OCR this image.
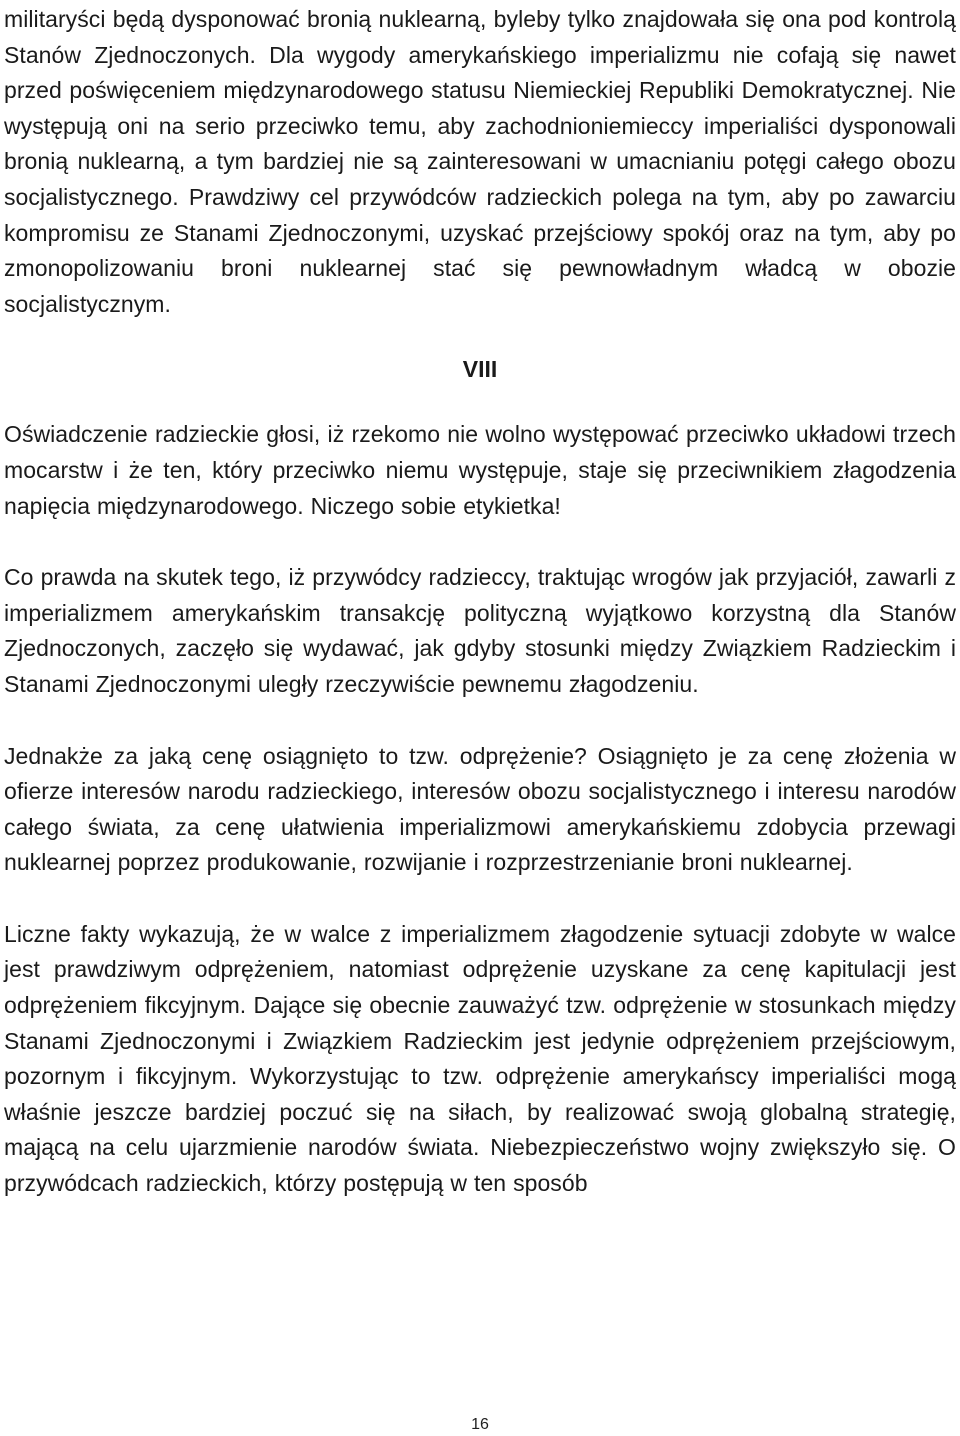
militaryści będą dysponować bronią nuklearną, byleby tylko znajdowała się ona pod kontrolą Stanów Zjednoczonych. Dla wygody amerykańskiego imperializmu nie cofają się nawet przed poświęceniem międzynarodowego statusu Niemieckiej Republiki Demokratycznej. Nie występują oni na serio przeciwko temu, aby zachodnioniemieccy imperialiści dysponowali bronią nuklearną, a tym bardziej nie są zainteresowani w umacnianiu potęgi całego obozu socjalistycznego. Prawdziwy cel przywódców radzieckich polega na tym, aby po zawarciu kompromisu ze Stanami Zjednoczonymi, uzyskać przejściowy spokój oraz na tym, aby po zmonopolizowaniu broni nuklearnej stać się pewnowładnym władcą w obozie socjalistycznym.

VIII

Oświadczenie radzieckie głosi, iż rzekomo nie wolno występować przeciwko układowi trzech mocarstw i że ten, który przeciwko niemu występuje, staje się przeciwnikiem złagodzenia napięcia międzynarodowego. Niczego sobie etykietka!

Co prawda na skutek tego, iż przywódcy radzieccy, traktując wrogów jak przyjaciół, zawarli z imperializmem amerykańskim transakcję polityczną wyjątkowo korzystną dla Stanów Zjednoczonych, zaczęło się wydawać, jak gdyby stosunki między Związkiem Radzieckim i Stanami Zjednoczonymi uległy rzeczywiście pewnemu złagodzeniu.

Jednakże za jaką cenę osiągnięto to tzw. odprężenie? Osiągnięto je za cenę złożenia w ofierze interesów narodu radzieckiego, interesów obozu socjalistycznego i interesu narodów całego świata, za cenę ułatwienia imperializmowi amerykańskiemu zdobycia przewagi nuklearnej poprzez produkowanie, rozwijanie i rozprzestrzenianie broni nuklearnej.

Liczne fakty wykazują, że w walce z imperializmem złagodzenie sytuacji zdobyte w walce jest prawdziwym odprężeniem, natomiast odprężenie uzyskane za cenę kapitulacji jest odprężeniem fikcyjnym. Dające się obecnie zauważyć tzw. odprężenie w stosunkach między Stanami Zjednoczonymi i Związkiem Radzieckim jest jedynie odprężeniem przejściowym, pozornym i fikcyjnym. Wykorzystując to tzw. odprężenie amerykańscy imperialiści mogą właśnie jeszcze bardziej poczuć się na siłach, by realizować swoją globalną strategię, mającą na celu ujarzmienie narodów świata. Niebezpieczeństwo wojny zwiększyło się. O przywódcach radzieckich, którzy postępują w ten sposób

16
